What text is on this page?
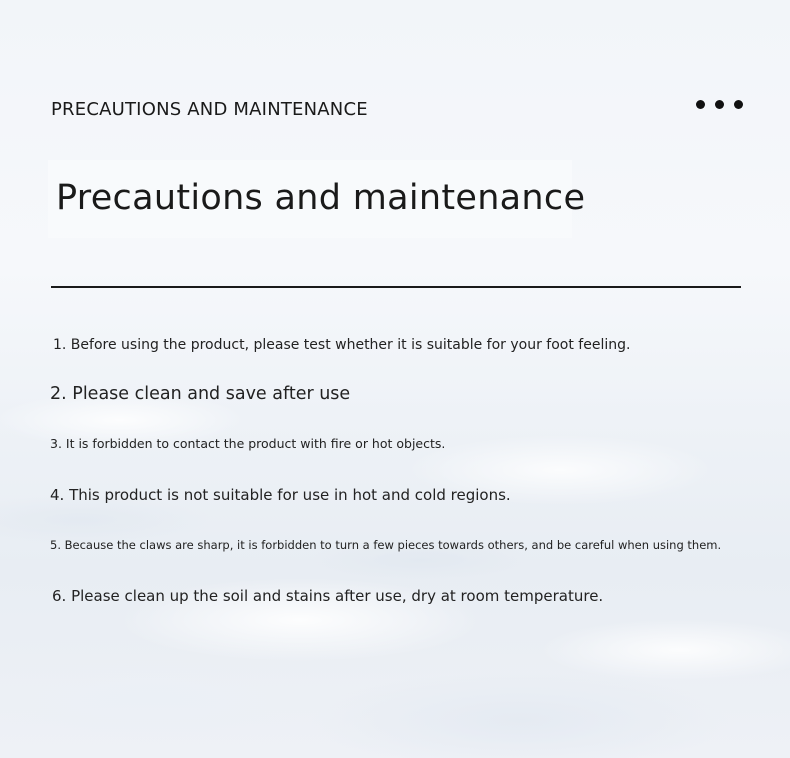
PRECAUTIONS AND MAINTENANCE
Precautions and maintenance
1. Before using the product, please test whether it is suitable for your foot feeling.
2. Please clean and save after use
3. It is forbidden to contact the product with fire or hot objects.
4. This product is not suitable for use in hot and cold regions.
5. Because the claws are sharp, it is forbidden to turn a few pieces towards others, and be careful when using them.
6. Please clean up the soil and stains after use, dry at room temperature.
